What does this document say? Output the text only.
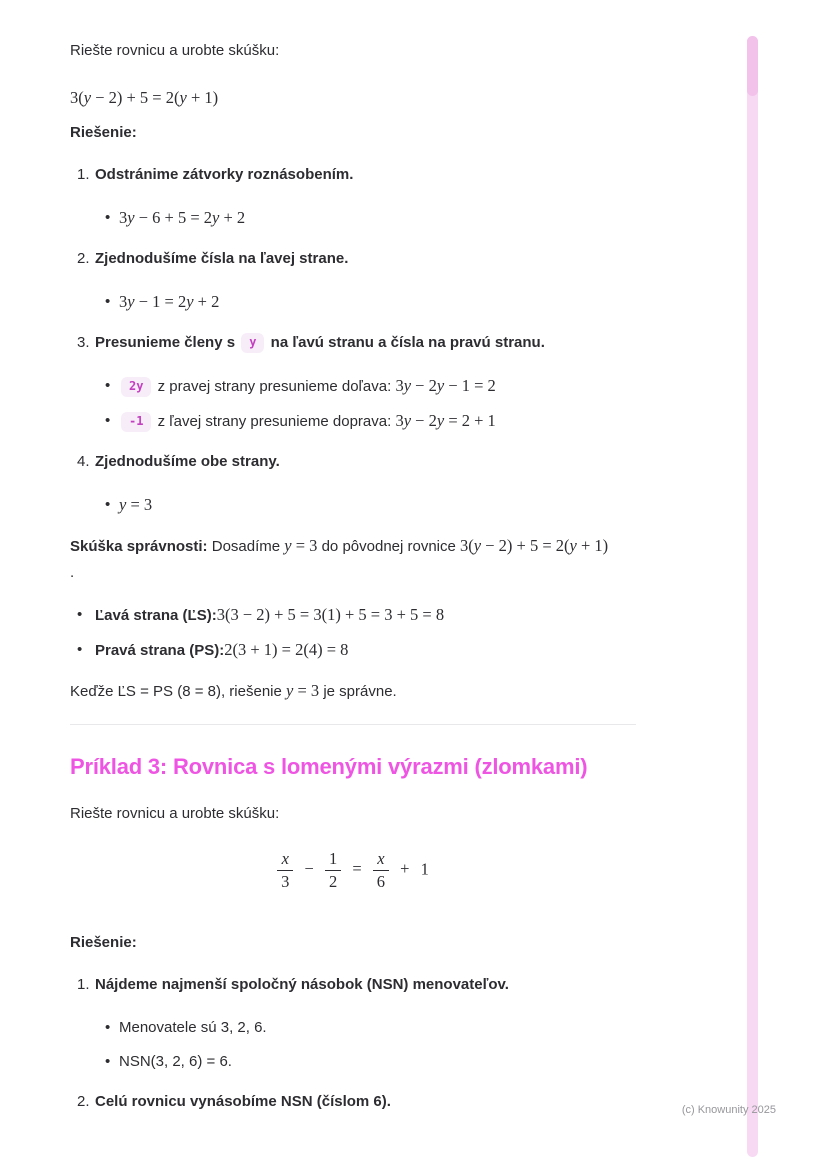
Riešte rovnicu a urobte skúšku:

3(y − 2) + 5 = 2(y + 1)

Riešenie:

1. Odstránime zátvorky roznásobením.
• 3y − 6 + 5 = 2y + 2
2. Zjednodušíme čísla na ľavej strane.
• 3y − 1 = 2y + 2
3. Presunieme členy s y na ľavú stranu a čísla na pravú stranu.
• 2y z pravej strany presunieme doľava: 3y − 2y − 1 = 2
• -1 z ľavej strany presunieme doprava: 3y − 2y = 2 + 1
4. Zjednodušíme obe strany.
• y = 3

Skúška správnosti: Dosadíme y = 3 do pôvodnej rovnice 3(y − 2) + 5 = 2(y + 1)

.

• Ľavá strana (ĽS):3(3 − 2) + 5 = 3(1) + 5 = 3 + 5 = 8
• Pravá strana (PS):2(3 + 1) = 2(4) = 8

Keďže ĽS = PS (8 = 8), riešenie y = 3 je správne.

Príklad 3: Rovnica s lomenými výrazmi (zlomkami)

Riešte rovnicu a urobte skúšku:

$\frac{x}{3} - \frac{1}{2} = \frac{x}{6} + 1$

Riešenie:

1. Nájdeme najmenší spoločný násobok (NSN) menovateľov.
• Menovatele sú 3, 2, 6.
• NSN(3, 2, 6) = 6.
2. Celú rovnicu vynásobíme NSN (číslom 6).	(c) Knowunity 2025
